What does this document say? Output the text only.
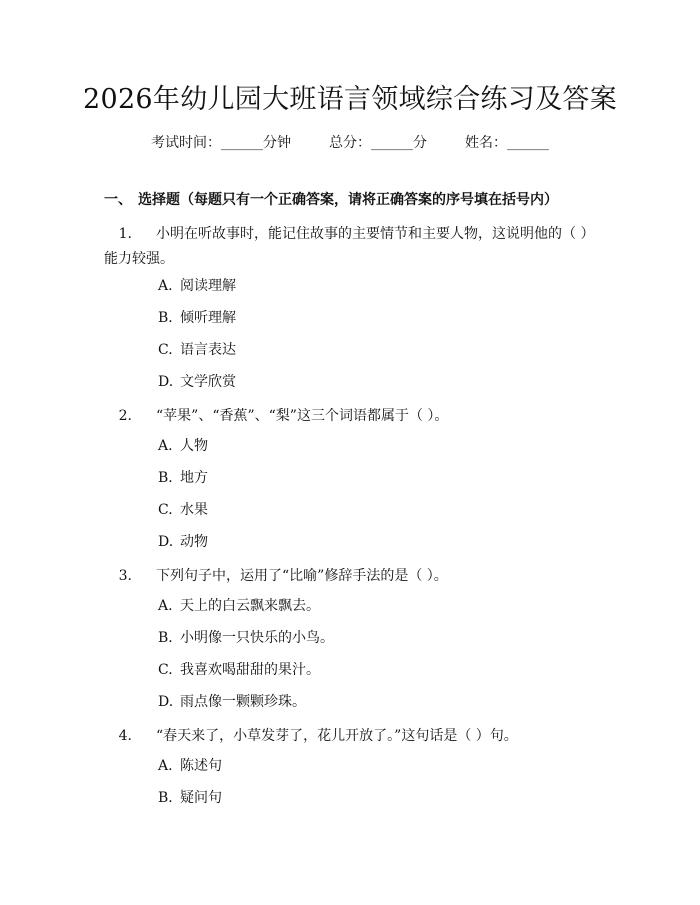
2026年幼儿园大班语言领域综合练习及答案
考试时间：______分钟	总分：______分	姓名：______
一、 选择题（每题只有一个正确答案，请将正确答案的序号填在括号内）
1. 小明在听故事时，能记住故事的主要情节和主要人物，这说明他的（ ）能力较强。
A. 阅读理解
B. 倾听理解
C. 语言表达
D. 文学欣赏
2. “苹果”、“香蕉”、“梨”这三个词语都属于（ ）。
A. 人物
B. 地方
C. 水果
D. 动物
3. 下列句子中，运用了“比喻”修辞手法的是（ ）。
A. 天上的白云飘来飘去。
B. 小明像一只快乐的小鸟。
C. 我喜欢喝甜甜的果汁。
D. 雨点像一颗颗珍珠。
4. “春天来了，小草发芽了，花儿开放了。”这句话是（ ）句。
A. 陈述句
B. 疑问句
